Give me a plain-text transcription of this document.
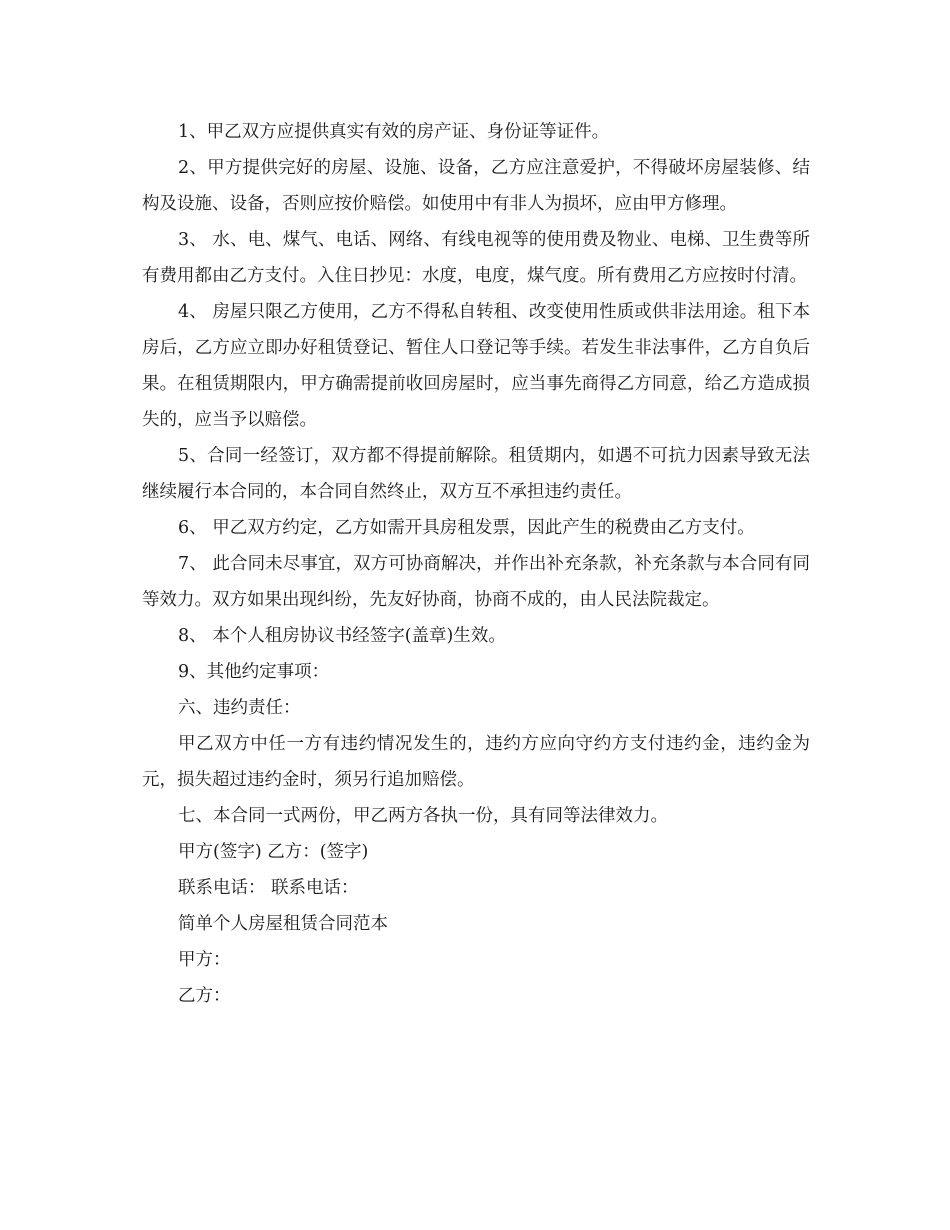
1、甲乙双方应提供真实有效的房产证、身份证等证件。

2、甲方提供完好的房屋、设施、设备，乙方应注意爱护，不得破坏房屋装修、结构及设施、设备，否则应按价赔偿。如使用中有非人为损坏，应由甲方修理。

3、 水、电、煤气、电话、网络、有线电视等的使用费及物业、电梯、卫生费等所有费用都由乙方支付。入住日抄见：水度，电度，煤气度。所有费用乙方应按时付清。

4、 房屋只限乙方使用，乙方不得私自转租、改变使用性质或供非法用途。租下本房后，乙方应立即办好租赁登记、暂住人口登记等手续。若发生非法事件，乙方自负后果。在租赁期限内，甲方确需提前收回房屋时，应当事先商得乙方同意，给乙方造成损失的，应当予以赔偿。

5、合同一经签订，双方都不得提前解除。租赁期内，如遇不可抗力因素导致无法继续履行本合同的，本合同自然终止，双方互不承担违约责任。

6、 甲乙双方约定，乙方如需开具房租发票，因此产生的税费由乙方支付。

7、 此合同未尽事宜，双方可协商解决，并作出补充条款，补充条款与本合同有同等效力。双方如果出现纠纷，先友好协商，协商不成的，由人民法院裁定。

8、 本个人租房协议书经签字(盖章)生效。

9、其他约定事项：

六、违约责任：

甲乙双方中任一方有违约情况发生的，违约方应向守约方支付违约金，违约金为元，损失超过违约金时，须另行追加赔偿。

七、本合同一式两份，甲乙两方各执一份，具有同等法律效力。

甲方(签字) 乙方：(签字)

联系电话： 联系电话：

简单个人房屋租赁合同范本

甲方：

乙方：
